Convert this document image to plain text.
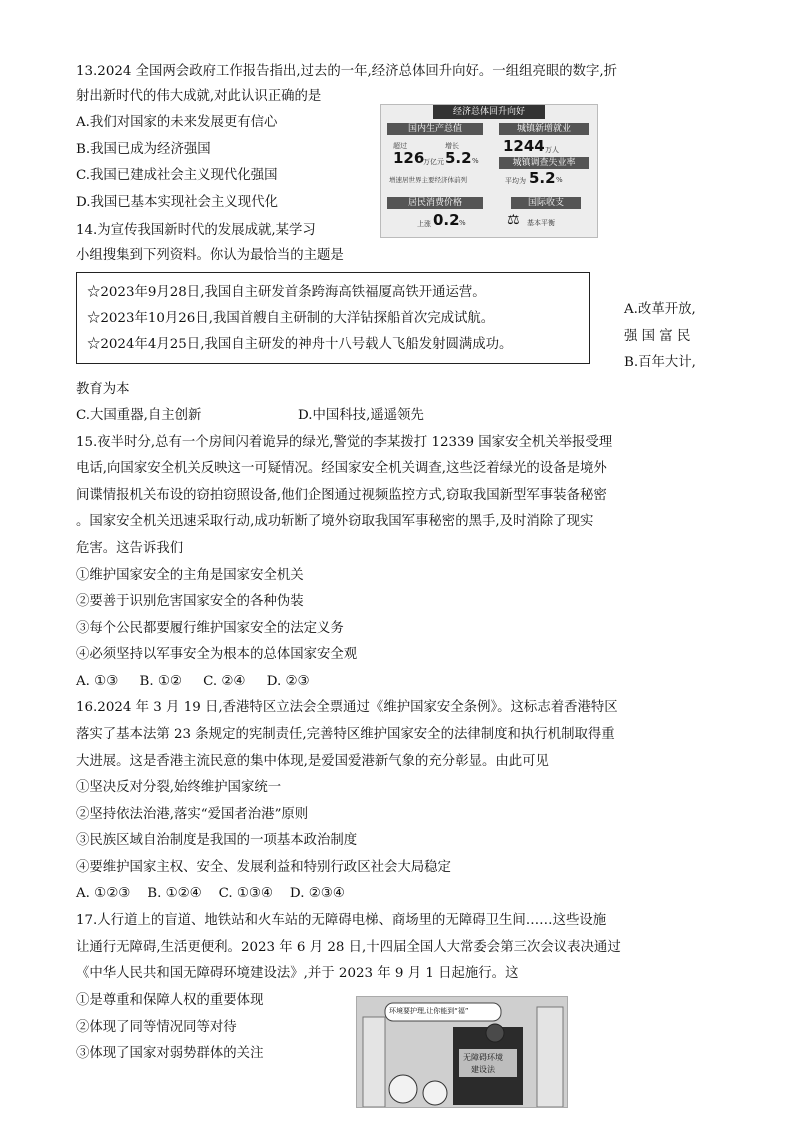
13.2024 全国两会政府工作报告指出,过去的一年,经济总体回升向好。一组组亮眼的数字,折
射出新时代的伟大成就,对此认识正确的是
A.我们对国家的未来发展更有信心
B.我国已成为经济强国
C.我国已建成社会主义现代化强国
D.我国已基本实现社会主义现代化
经济总体回升向好
国内生产总值
超过
126
万亿元
增长
5.2 %
增速居世界主要经济体前列
城镇新增就业
1244 万人
城镇调查失业率
平均为 5.2 %
居民消费价格
上涨 0.2 %
国际收支
⚖ 基本平衡
14.为宣传我国新时代的发展成就,某学习
小组搜集到下列资料。你认为最恰当的主题是
☆2023年9月28日,我国自主研发首条跨海高铁福厦高铁开通运营。
☆2023年10月26日,我国首艘自主研制的大洋钻探船首次完成试航。
☆2024年4月25日,我国自主研发的神舟十八号载人飞船发射圆满成功。
A.改革开放,
强 国 富 民
B.百年大计,
教育为本
C.大国重器,自主创新	D.中国科技,遥遥领先
15.夜半时分,总有一个房间闪着诡异的绿光,警觉的李某拨打 12339 国家安全机关举报受理
电话,向国家安全机关反映这一可疑情况。经国家安全机关调查,这些泛着绿光的设备是境外
间谍情报机关布设的窃拍窃照设备,他们企图通过视频监控方式,窃取我国新型军事装备秘密
。国家安全机关迅速采取行动,成功斩断了境外窃取我国军事秘密的黑手,及时消除了现实
危害。这告诉我们
①维护国家安全的主角是国家安全机关
②要善于识别危害国家安全的各种伪装
③每个公民都要履行维护国家安全的法定义务
④必须坚持以军事安全为根本的总体国家安全观
A. ①③     B. ①②     C. ②④     D. ②③
16.2024 年 3 月 19 日,香港特区立法会全票通过《维护国家安全条例》。这标志着香港特区
落实了基本法第 23 条规定的宪制责任,完善特区维护国家安全的法律制度和执行机制取得重
大进展。这是香港主流民意的集中体现,是爱国爱港新气象的充分彰显。由此可见
①坚决反对分裂,始终维护国家统一
②坚持依法治港,落实“爱国者治港”原则
③民族区域自治制度是我国的一项基本政治制度
④要维护国家主权、安全、发展利益和特别行政区社会大局稳定
A. ①②③    B. ①②④    C. ①③④    D. ②③④
17.人行道上的盲道、地铁站和火车站的无障碍电梯、商场里的无障碍卫生间……这些设施
让通行无障碍,生活更便利。2023 年 6 月 28 日,十四届全国人大常委会第三次会议表决通过
《中华人民共和国无障碍环境建设法》,并于 2023 年 9 月 1 日起施行。这
①是尊重和保障人权的重要体现
②体现了同等情况同等对待
③体现了国家对弱势群体的关注
环境要护理,让你能到“福”
无障碍环境
建设法
